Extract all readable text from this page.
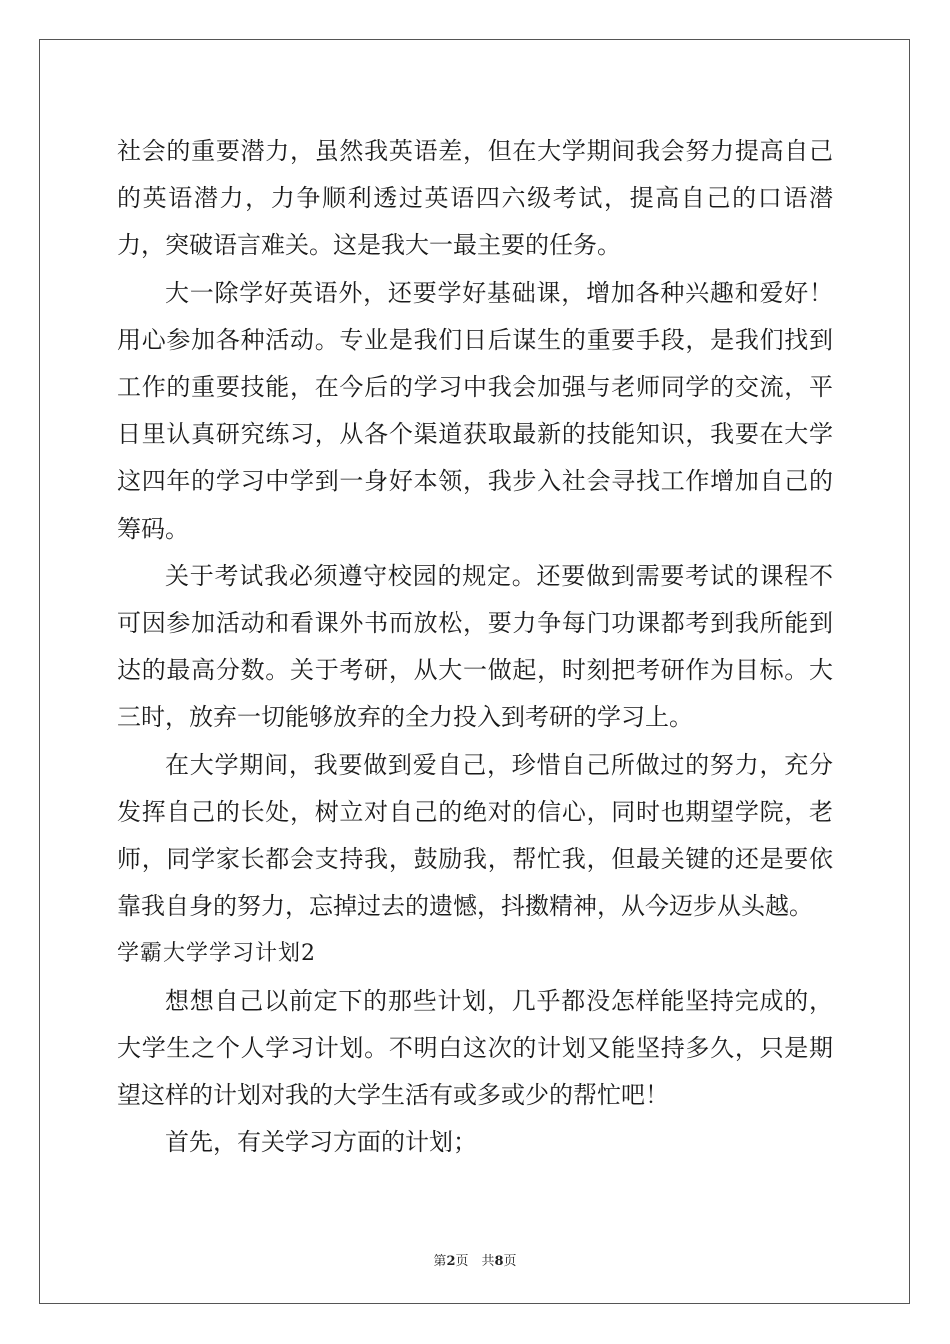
社会的重要潜力，虽然我英语差，但在大学期间我会努力提高自己的英语潜力，力争顺利透过英语四六级考试，提高自己的口语潜力，突破语言难关。这是我大一最主要的任务。

大一除学好英语外，还要学好基础课，增加各种兴趣和爱好！用心参加各种活动。专业是我们日后谋生的重要手段，是我们找到工作的重要技能，在今后的学习中我会加强与老师同学的交流，平日里认真研究练习，从各个渠道获取最新的技能知识，我要在大学这四年的学习中学到一身好本领，我步入社会寻找工作增加自己的筹码。

关于考试我必须遵守校园的规定。还要做到需要考试的课程不可因参加活动和看课外书而放松，要力争每门功课都考到我所能到达的最高分数。关于考研，从大一做起，时刻把考研作为目标。大三时，放弃一切能够放弃的全力投入到考研的学习上。

在大学期间，我要做到爱自己，珍惜自己所做过的努力，充分发挥自己的长处，树立对自己的绝对的信心，同时也期望学院，老师，同学家长都会支持我，鼓励我，帮忙我，但最关键的还是要依靠我自身的努力，忘掉过去的遗憾，抖擞精神，从今迈步从头越。

学霸大学学习计划2

想想自己以前定下的那些计划，几乎都没怎样能坚持完成的，大学生之个人学习计划。不明白这次的计划又能坚持多久，只是期望这样的计划对我的大学生活有或多或少的帮忙吧！

首先，有关学习方面的计划；

第2页　共8页
